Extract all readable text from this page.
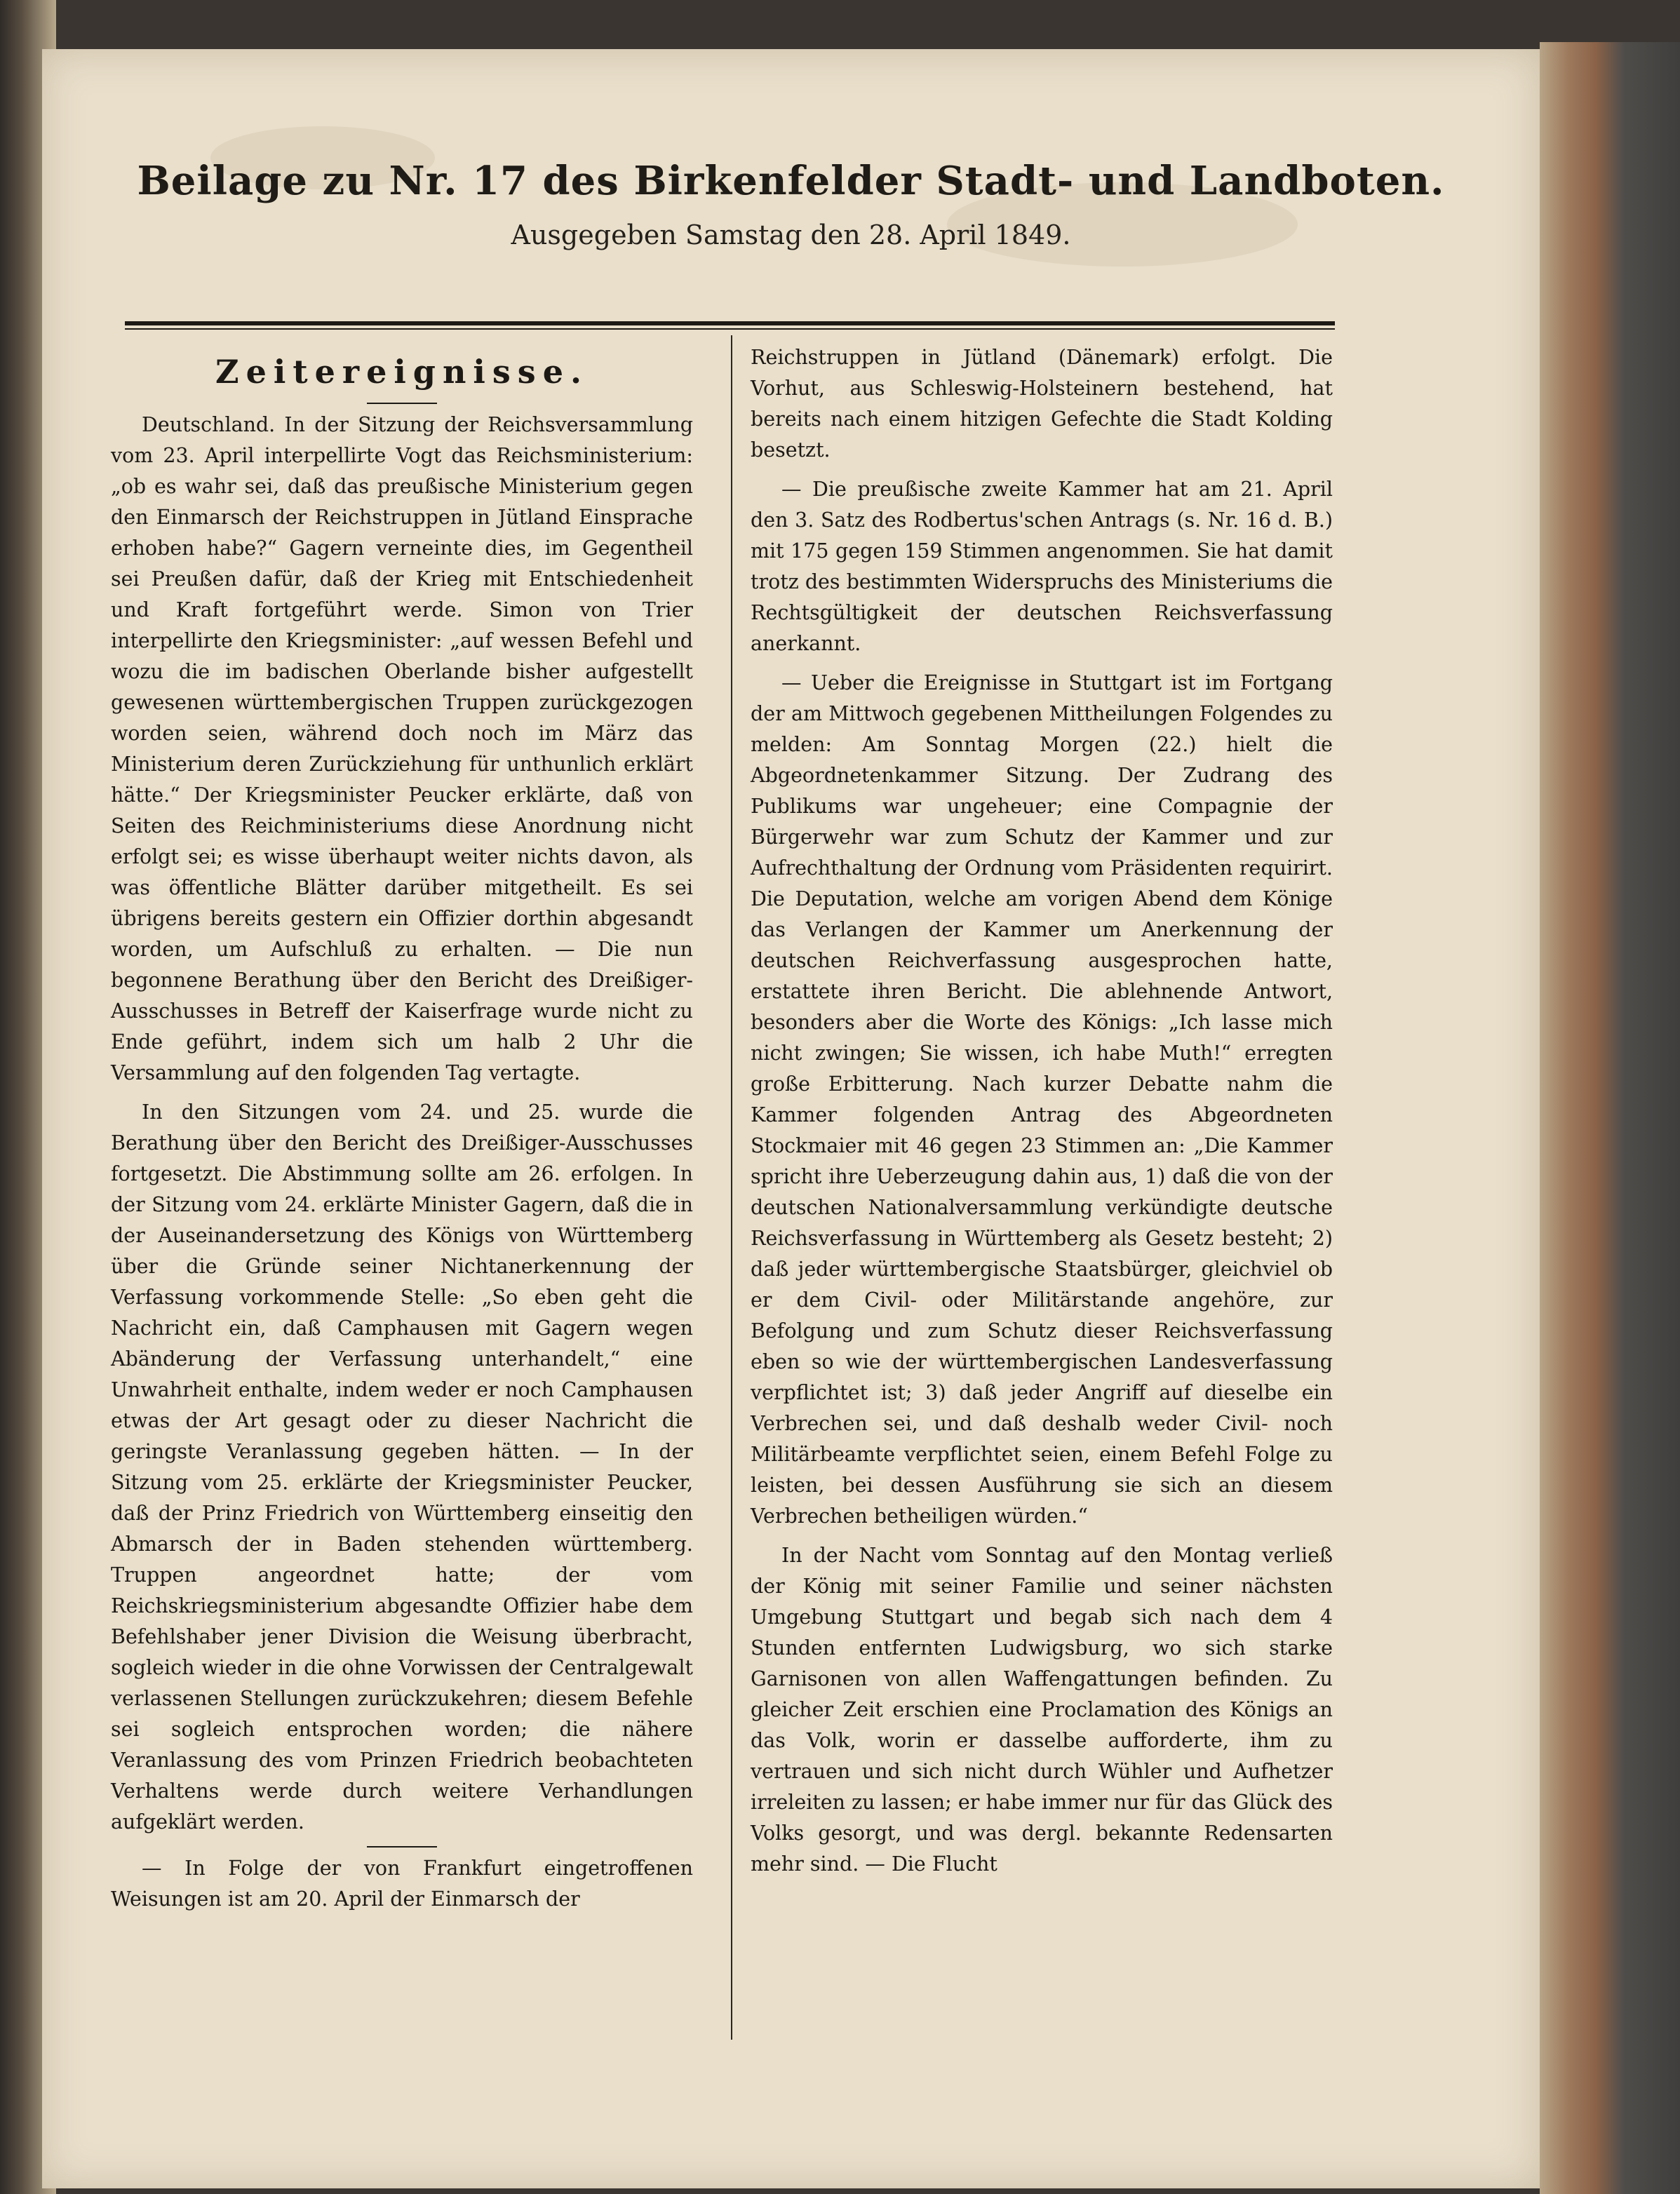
Beilage zu Nr. 17 des Birkenfelder Stadt- und Landboten.
Ausgegeben Samstag den 28. April 1849.
Zeitereignisse.

Deutschland. In der Sitzung der Reichsversammlung vom 23. April interpellirte Vogt das Reichsministerium: „ob es wahr sei, daß das preußische Ministerium gegen den Einmarsch der Reichstruppen in Jütland Einsprache erhoben habe?“ Gagern verneinte dies, im Gegentheil sei Preußen dafür, daß der Krieg mit Entschiedenheit und Kraft fortgeführt werde. Simon von Trier interpellirte den Kriegsminister: „auf wessen Befehl und wozu die im badischen Oberlande bisher aufgestellt gewesenen württembergischen Truppen zurückgezogen worden seien, während doch noch im März das Ministerium deren Zurückziehung für unthunlich erklärt hätte.“ Der Kriegsminister Peucker erklärte, daß von Seiten des Reichministeriums diese Anordnung nicht erfolgt sei; es wisse überhaupt weiter nichts davon, als was öffentliche Blätter darüber mitgetheilt. Es sei übrigens bereits gestern ein Offizier dorthin abgesandt worden, um Aufschluß zu erhalten. — Die nun begonnene Berathung über den Bericht des Dreißiger-Ausschusses in Betreff der Kaiserfrage wurde nicht zu Ende geführt, indem sich um halb 2 Uhr die Versammlung auf den folgenden Tag vertagte.

In den Sitzungen vom 24. und 25. wurde die Berathung über den Bericht des Dreißiger-Ausschusses fortgesetzt. Die Abstimmung sollte am 26. erfolgen. In der Sitzung vom 24. erklärte Minister Gagern, daß die in der Auseinandersetzung des Königs von Württemberg über die Gründe seiner Nichtanerkennung der Verfassung vorkommende Stelle: „So eben geht die Nachricht ein, daß Camphausen mit Gagern wegen Abänderung der Verfassung unterhandelt,“ eine Unwahrheit enthalte, indem weder er noch Camphausen etwas der Art gesagt oder zu dieser Nachricht die geringste Veranlassung gegeben hätten. — In der Sitzung vom 25. erklärte der Kriegsminister Peucker, daß der Prinz Friedrich von Württemberg einseitig den Abmarsch der in Baden stehenden württemberg. Truppen angeordnet hatte; der vom Reichskriegsministerium abgesandte Offizier habe dem Befehlshaber jener Division die Weisung überbracht, sogleich wieder in die ohne Vorwissen der Centralgewalt verlassenen Stellungen zurückzukehren; diesem Befehle sei sogleich entsprochen worden; die nähere Veranlassung des vom Prinzen Friedrich beobachteten Verhaltens werde durch weitere Verhandlungen aufgeklärt werden.

— In Folge der von Frankfurt eingetroffenen Weisungen ist am 20. April der Einmarsch der

Reichstruppen in Jütland (Dänemark) erfolgt. Die Vorhut, aus Schleswig-Holsteinern bestehend, hat bereits nach einem hitzigen Gefechte die Stadt Kolding besetzt.

— Die preußische zweite Kammer hat am 21. April den 3. Satz des Rodbertus'schen Antrags (s. Nr. 16 d. B.) mit 175 gegen 159 Stimmen angenommen. Sie hat damit trotz des bestimmten Widerspruchs des Ministeriums die Rechtsgültigkeit der deutschen Reichsverfassung anerkannt.

— Ueber die Ereignisse in Stuttgart ist im Fortgang der am Mittwoch gegebenen Mittheilungen Folgendes zu melden: Am Sonntag Morgen (22.) hielt die Abgeordnetenkammer Sitzung. Der Zudrang des Publikums war ungeheuer; eine Compagnie der Bürgerwehr war zum Schutz der Kammer und zur Aufrechthaltung der Ordnung vom Präsidenten requirirt. Die Deputation, welche am vorigen Abend dem Könige das Verlangen der Kammer um Anerkennung der deutschen Reichverfassung ausgesprochen hatte, erstattete ihren Bericht. Die ablehnende Antwort, besonders aber die Worte des Königs: „Ich lasse mich nicht zwingen; Sie wissen, ich habe Muth!“ erregten große Erbitterung. Nach kurzer Debatte nahm die Kammer folgenden Antrag des Abgeordneten Stockmaier mit 46 gegen 23 Stimmen an: „Die Kammer spricht ihre Ueberzeugung dahin aus, 1) daß die von der deutschen Nationalversammlung verkündigte deutsche Reichsverfassung in Württemberg als Gesetz besteht; 2) daß jeder württembergische Staatsbürger, gleichviel ob er dem Civil- oder Militärstande angehöre, zur Befolgung und zum Schutz dieser Reichsverfassung eben so wie der württembergischen Landesverfassung verpflichtet ist; 3) daß jeder Angriff auf dieselbe ein Verbrechen sei, und daß deshalb weder Civil- noch Militärbeamte verpflichtet seien, einem Befehl Folge zu leisten, bei dessen Ausführung sie sich an diesem Verbrechen betheiligen würden.“

In der Nacht vom Sonntag auf den Montag verließ der König mit seiner Familie und seiner nächsten Umgebung Stuttgart und begab sich nach dem 4 Stunden entfernten Ludwigsburg, wo sich starke Garnisonen von allen Waffengattungen befinden. Zu gleicher Zeit erschien eine Proclamation des Königs an das Volk, worin er dasselbe aufforderte, ihm zu vertrauen und sich nicht durch Wühler und Aufhetzer irreleiten zu lassen; er habe immer nur für das Glück des Volks gesorgt, und was dergl. bekannte Redensarten mehr sind. — Die Flucht
